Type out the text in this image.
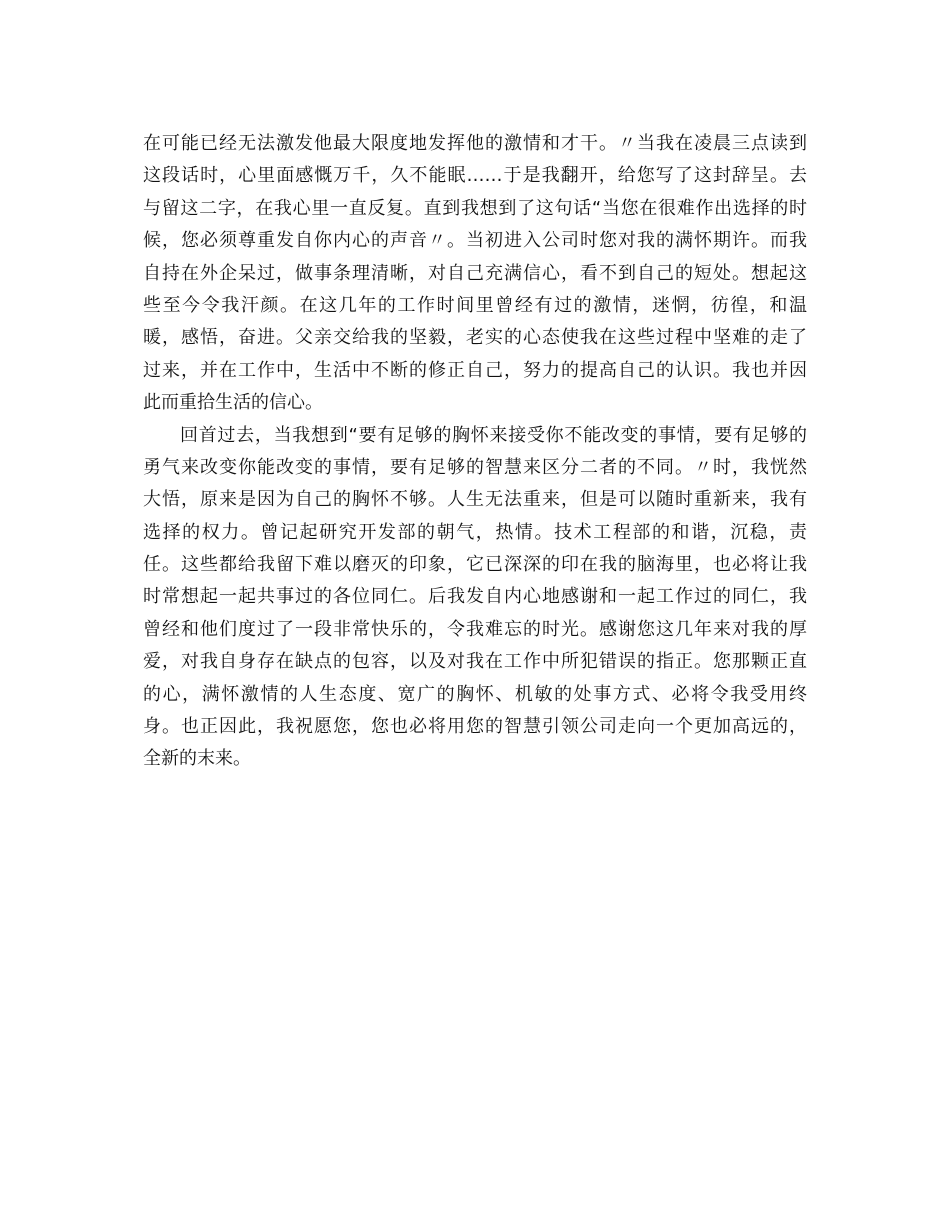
在可能已经无法激发他最大限度地发挥他的激情和才干。〃当我在凌晨三点读到
这段话时，心里面感慨万千，久不能眠……于是我翻开，给您写了这封辞呈。去
与留这二字，在我心里一直反复。直到我想到了这句话“当您在很难作出选择的时
候，您必须尊重发自你内心的声音〃。当初进入公司时您对我的满怀期许。而我
自持在外企呆过，做事条理清晰，对自己充满信心，看不到自己的短处。想起这
些至今令我汗颜。在这几年的工作时间里曾经有过的激情，迷惘，彷徨，和温
暖，感悟，奋进。父亲交给我的坚毅，老实的心态使我在这些过程中坚难的走了
过来，并在工作中，生活中不断的修正自己，努力的提高自己的认识。我也并因
此而重拾生活的信心。
回首过去，当我想到“要有足够的胸怀来接受你不能改变的事情，要有足够的
勇气来改变你能改变的事情，要有足够的智慧来区分二者的不同。〃时，我恍然
大悟，原来是因为自己的胸怀不够。人生无法重来，但是可以随时重新来，我有
选择的权力。曾记起研究开发部的朝气，热情。技术工程部的和谐，沉稳，责
任。这些都给我留下难以磨灭的印象，它已深深的印在我的脑海里，也必将让我
时常想起一起共事过的各位同仁。后我发自内心地感谢和一起工作过的同仁，我
曾经和他们度过了一段非常快乐的，令我难忘的时光。感谢您这几年来对我的厚
爱，对我自身存在缺点的包容，以及对我在工作中所犯错误的指正。您那颗正直
的心，满怀激情的人生态度、宽广的胸怀、机敏的处事方式、必将令我受用终
身。也正因此，我祝愿您，您也必将用您的智慧引领公司走向一个更加高远的，
全新的末来。
